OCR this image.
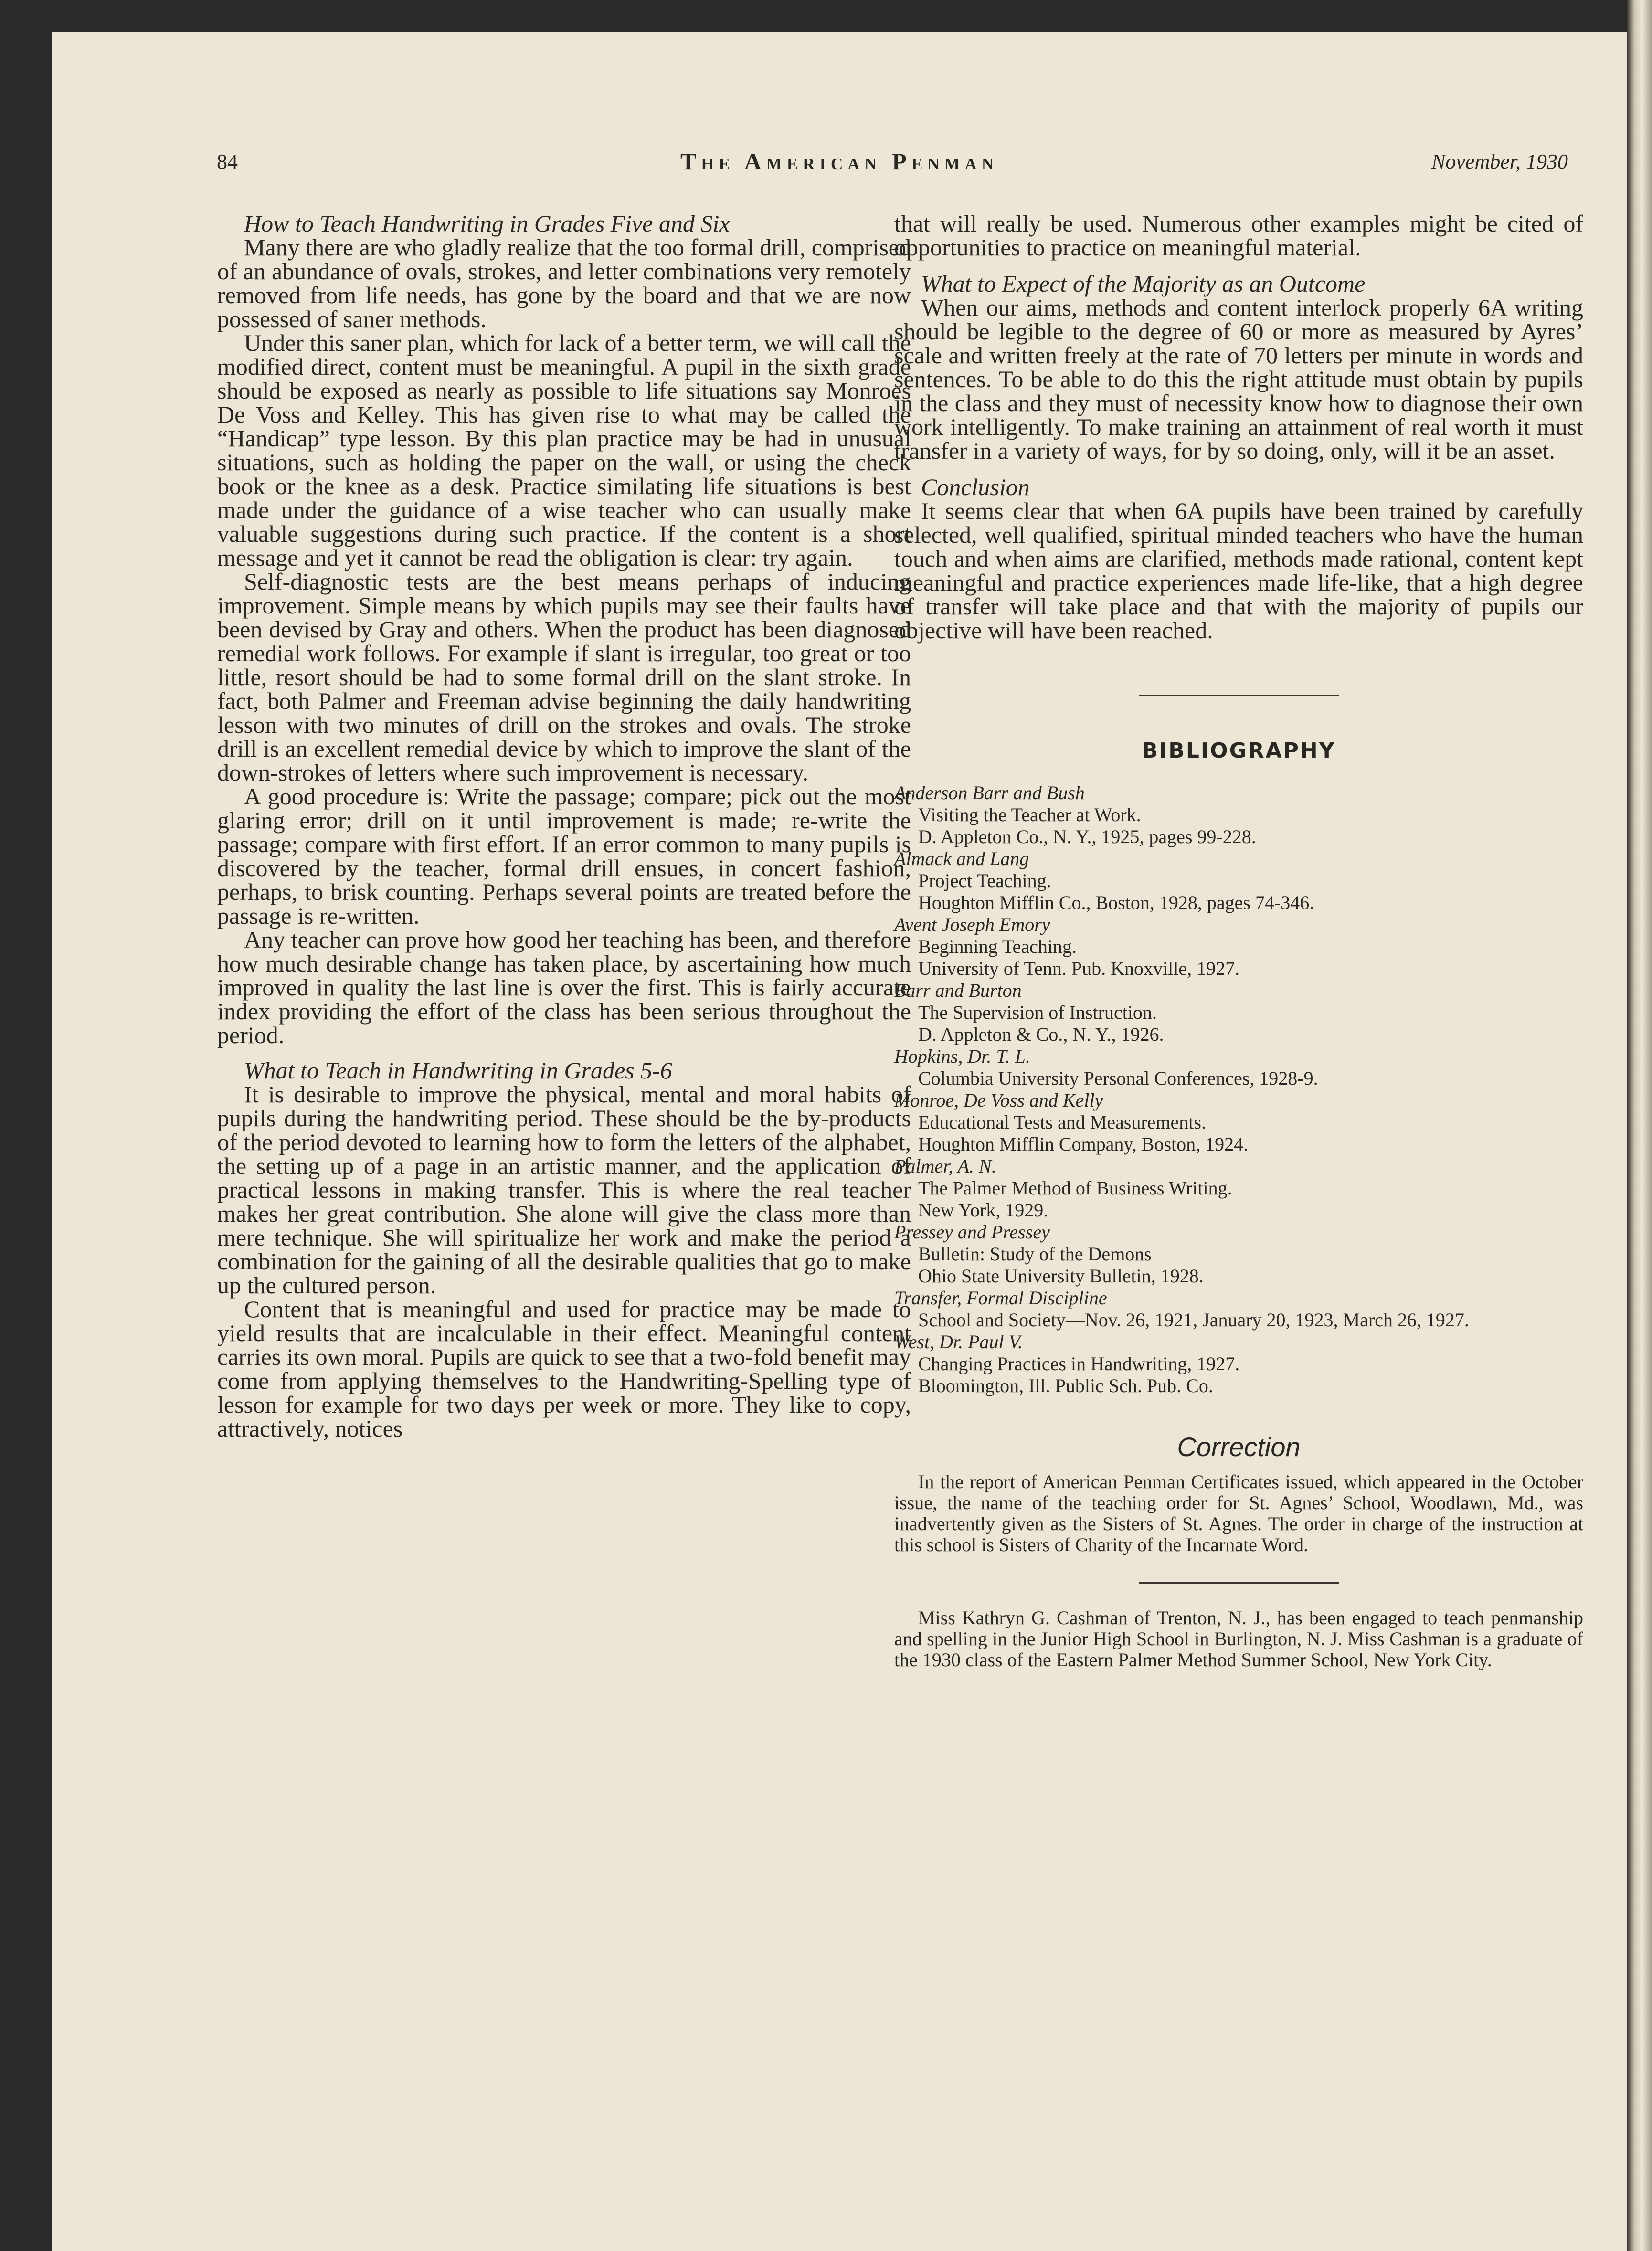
84	The American Penman	November, 1930

How to Teach Handwriting in Grades Five and Six

Many there are who gladly realize that the too formal drill, comprised of an abundance of ovals, strokes, and letter combinations very remotely removed from life needs, has gone by the board and that we are now possessed of saner methods.

Under this saner plan, which for lack of a better term, we will call the modified direct, content must be meaningful. A pupil in the sixth grade should be exposed as nearly as possible to life situations say Monroes De Voss and Kelley. This has given rise to what may be called the “Handicap” type lesson. By this plan practice may be had in unusual situations, such as holding the paper on the wall, or using the check book or the knee as a desk. Practice similating life situations is best made under the guidance of a wise teacher who can usually make valuable suggestions during such practice. If the content is a short message and yet it cannot be read the obligation is clear: try again.

Self-diagnostic tests are the best means perhaps of inducing improvement. Simple means by which pupils may see their faults have been devised by Gray and others. When the product has been diagnosed remedial work follows. For example if slant is irregular, too great or too little, resort should be had to some formal drill on the slant stroke. In fact, both Palmer and Freeman advise beginning the daily handwriting lesson with two minutes of drill on the strokes and ovals. The stroke drill is an excellent remedial device by which to improve the slant of the down-strokes of letters where such improvement is necessary.

A good procedure is: Write the passage; compare; pick out the most glaring error; drill on it until improvement is made; re-write the passage; compare with first effort. If an error common to many pupils is discovered by the teacher, formal drill ensues, in concert fashion, perhaps, to brisk counting. Perhaps several points are treated before the passage is re-written.

Any teacher can prove how good her teaching has been, and therefore how much desirable change has taken place, by ascertaining how much improved in quality the last line is over the first. This is fairly accurate index providing the effort of the class has been serious throughout the period.

What to Teach in Handwriting in Grades 5-6

It is desirable to improve the physical, mental and moral habits of pupils during the handwriting period. These should be the by-products of the period devoted to learning how to form the letters of the alphabet, the setting up of a page in an artistic manner, and the application of practical lessons in making transfer. This is where the real teacher makes her great contribution. She alone will give the class more than mere technique. She will spiritualize her work and make the period a combination for the gaining of all the desirable qualities that go to make up the cultured person.

Content that is meaningful and used for practice may be made to yield results that are incalculable in their effect. Meaningful content carries its own moral. Pupils are quick to see that a two-fold benefit may come from applying themselves to the Handwriting-Spelling type of lesson for example for two days per week or more. They like to copy, attractively, notices

that will really be used. Numerous other examples might be cited of opportunities to practice on meaningful material.

What to Expect of the Majority as an Outcome

When our aims, methods and content interlock properly 6A writing should be legible to the degree of 60 or more as measured by Ayres’ scale and written freely at the rate of 70 letters per minute in words and sentences. To be able to do this the right attitude must obtain by pupils in the class and they must of necessity know how to diagnose their own work intelligently. To make training an attainment of real worth it must transfer in a variety of ways, for by so doing, only, will it be an asset.

Conclusion

It seems clear that when 6A pupils have been trained by carefully selected, well qualified, spiritual minded teachers who have the human touch and when aims are clarified, methods made rational, content kept meaningful and practice experiences made life-like, that a high degree of transfer will take place and that with the majority of pupils our objective will have been reached.

BIBLIOGRAPHY

Anderson Barr and Bush

Visiting the Teacher at Work.

D. Appleton Co., N. Y., 1925, pages 99-228.

Almack and Lang

Project Teaching.

Houghton Mifflin Co., Boston, 1928, pages 74-346.

Avent Joseph Emory

Beginning Teaching.

University of Tenn. Pub. Knoxville, 1927.

Barr and Burton

The Supervision of Instruction.

D. Appleton & Co., N. Y., 1926.

Hopkins, Dr. T. L.

Columbia University Personal Conferences, 1928-9.

Monroe, De Voss and Kelly

Educational Tests and Measurements.

Houghton Mifflin Company, Boston, 1924.

Palmer, A. N.

The Palmer Method of Business Writing.

New York, 1929.

Pressey and Pressey

Bulletin: Study of the Demons

Ohio State University Bulletin, 1928.

Transfer, Formal Discipline

School and Society—Nov. 26, 1921, January 20, 1923, March 26, 1927.

West, Dr. Paul V.

Changing Practices in Handwriting, 1927.

Bloomington, Ill. Public Sch. Pub. Co.

Correction

In the report of American Penman Certificates issued, which appeared in the October issue, the name of the teaching order for St. Agnes’ School, Woodlawn, Md., was inadvertently given as the Sisters of St. Agnes. The order in charge of the instruction at this school is Sisters of Charity of the Incarnate Word.

Miss Kathryn G. Cashman of Trenton, N. J., has been engaged to teach penmanship and spelling in the Junior High School in Burlington, N. J. Miss Cashman is a graduate of the 1930 class of the Eastern Palmer Method Summer School, New York City.
